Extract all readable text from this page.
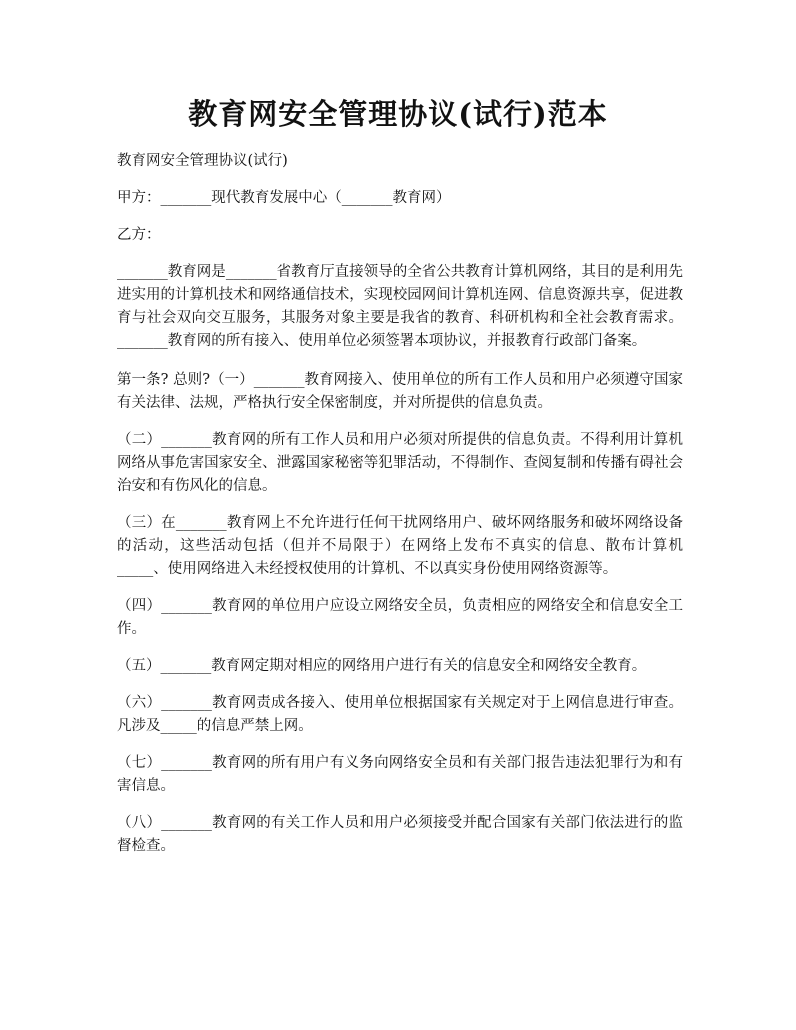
教育网安全管理协议(试行)范本

教育网安全管理协议(试行)

甲方：_______现代教育发展中心（_______教育网）

乙方：

_______教育网是_______省教育厅直接领导的全省公共教育计算机网络，其目的是利用先进实用的计算机技术和网络通信技术，实现校园网间计算机连网、信息资源共享，促进教育与社会双向交互服务，其服务对象主要是我省的教育、科研机构和全社会教育需求。_______教育网的所有接入、使用单位必须签署本项协议，并报教育行政部门备案。

第一条? 总则?（一）_______教育网接入、使用单位的所有工作人员和用户必须遵守国家有关法律、法规，严格执行安全保密制度，并对所提供的信息负责。

（二）_______教育网的所有工作人员和用户必须对所提供的信息负责。不得利用计算机网络从事危害国家安全、泄露国家秘密等犯罪活动，不得制作、查阅复制和传播有碍社会治安和有伤风化的信息。

（三）在_______教育网上不允许进行任何干扰网络用户、破坏网络服务和破坏网络设备的活动，这些活动包括（但并不局限于）在网络上发布不真实的信息、散布计算机_____、使用网络进入未经授权使用的计算机、不以真实身份使用网络资源等。

（四）_______教育网的单位用户应设立网络安全员，负责相应的网络安全和信息安全工作。

（五）_______教育网定期对相应的网络用户进行有关的信息安全和网络安全教育。

（六）_______教育网责成各接入、使用单位根据国家有关规定对于上网信息进行审查。凡涉及_____的信息严禁上网。

（七）_______教育网的所有用户有义务向网络安全员和有关部门报告违法犯罪行为和有害信息。

（八）_______教育网的有关工作人员和用户必须接受并配合国家有关部门依法进行的监督检查。
